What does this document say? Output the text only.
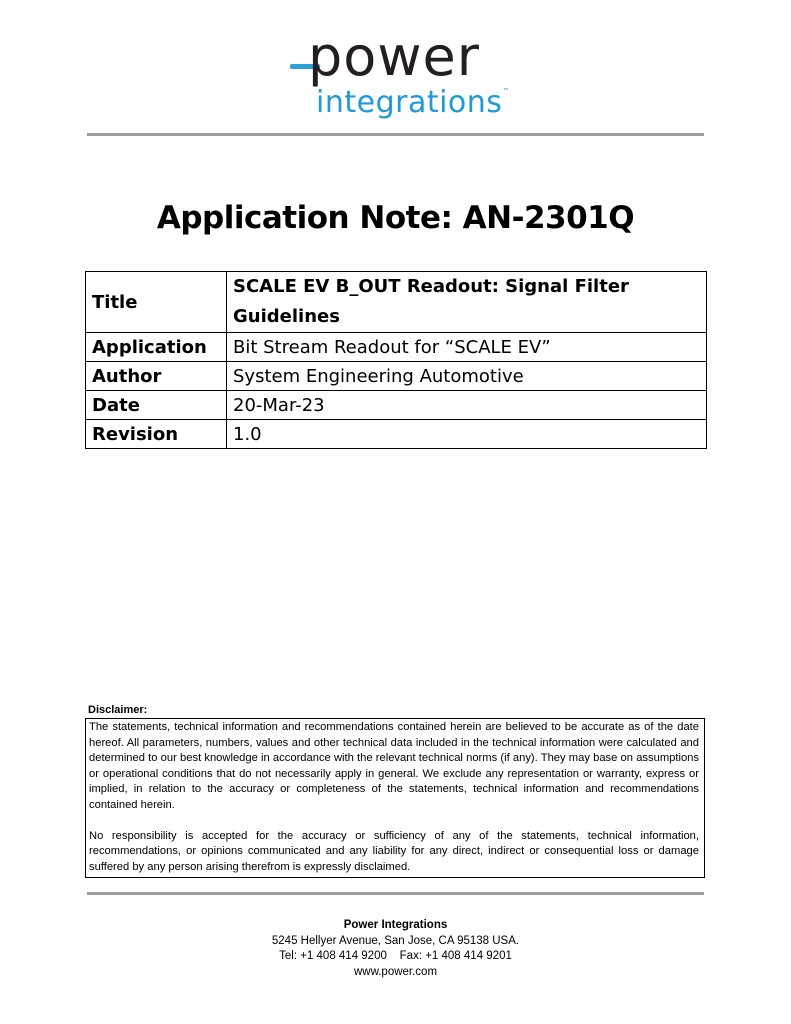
power
integrations™
Application Note: AN-2301Q
Title	SCALE EV B_OUT Readout: Signal Filter Guidelines
Application	Bit Stream Readout for “SCALE EV”
Author	System Engineering Automotive
Date	20-Mar-23
Revision	1.0
Disclaimer:

The statements, technical information and recommendations contained herein are believed to be accurate as of the date hereof. All parameters, numbers, values and other technical data included in the technical information were calculated and determined to our best knowledge in accordance with the relevant technical norms (if any). They may base on assumptions or operational conditions that do not necessarily apply in general. We exclude any representation or warranty, express or implied, in relation to the accuracy or completeness of the statements, technical information and recommendations contained herein.

No responsibility is accepted for the accuracy or sufficiency of any of the statements, technical information, recommendations, or opinions communicated and any liability for any direct, indirect or consequential loss or damage suffered by any person arising therefrom is expressly disclaimed.

Power Integrations
5245 Hellyer Avenue, San Jose, CA 95138 USA.
Tel: +1 408 414 9200    Fax: +1 408 414 9201
www.power.com
